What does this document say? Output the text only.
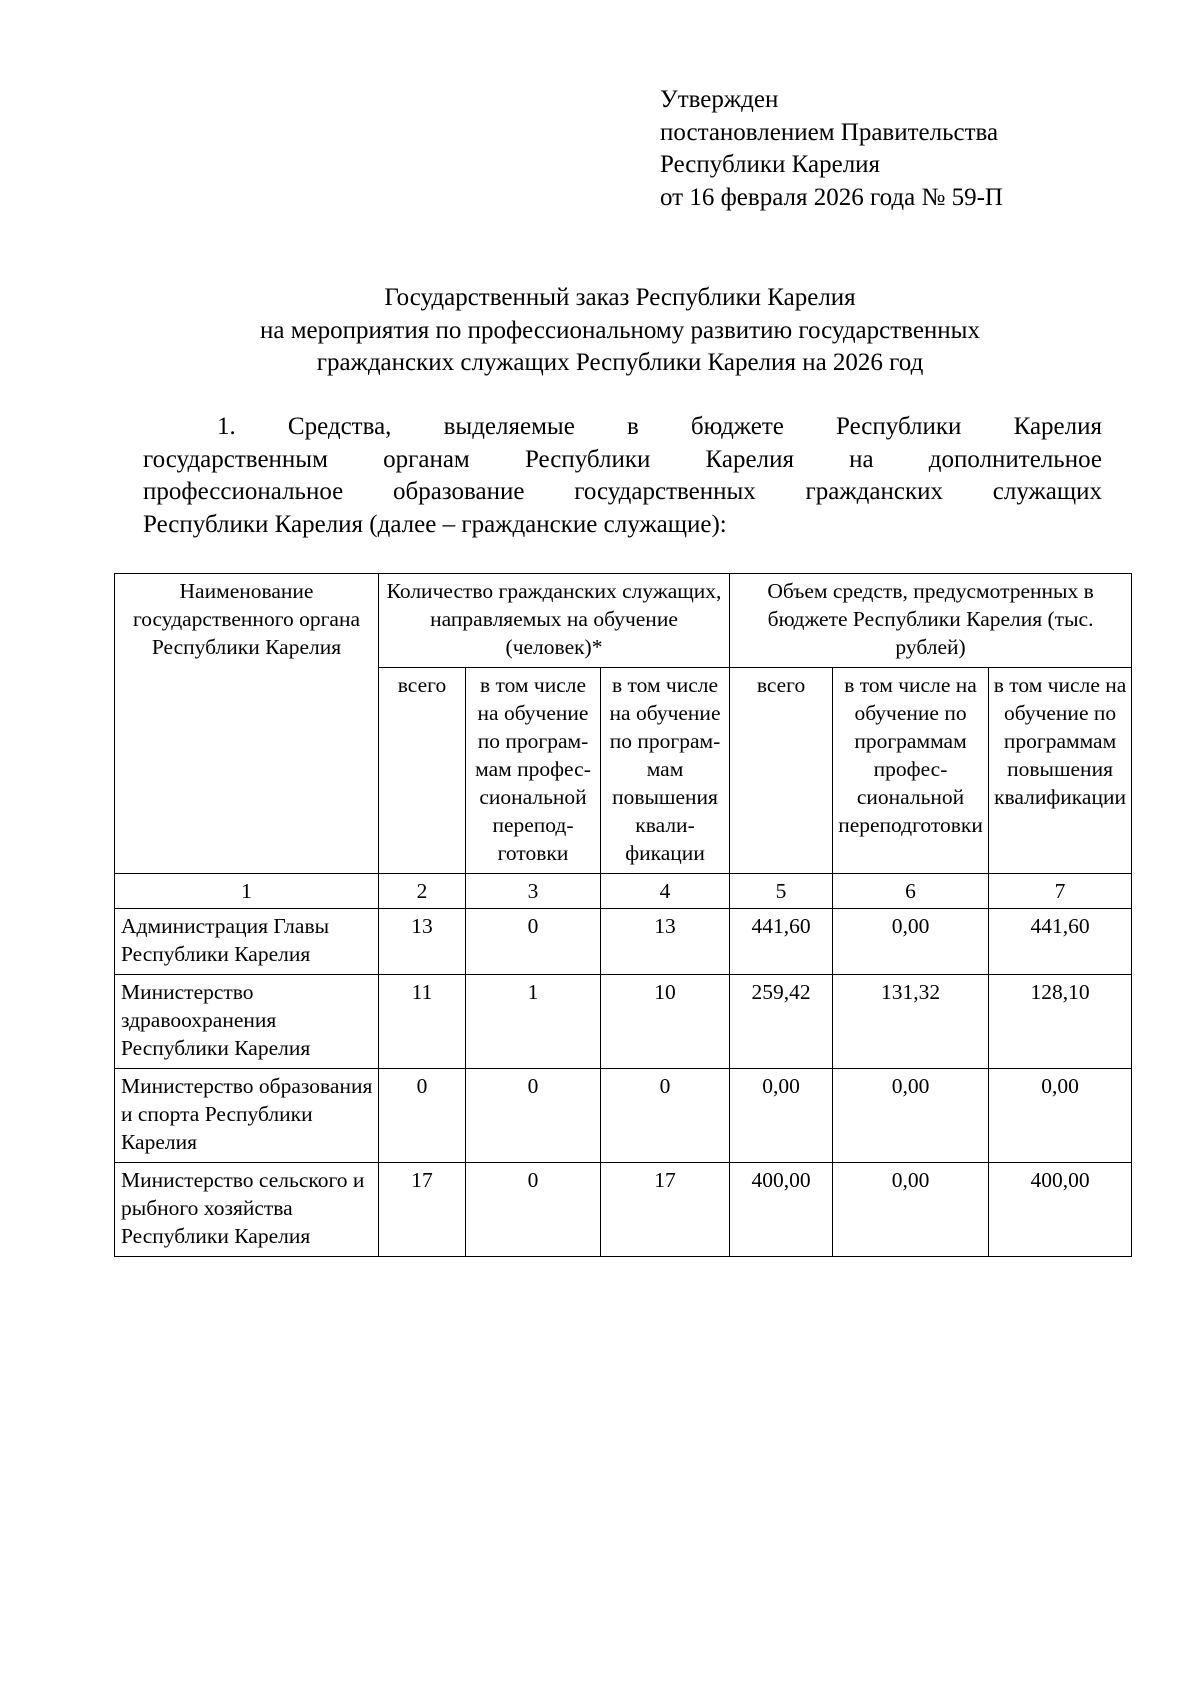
Утвержден
постановлением Правительства
Республики Карелия
от 16 февраля 2026 года № 59-П
Государственный заказ Республики Карелия
на мероприятия по профессиональному развитию государственных
гражданских служащих Республики Карелия на 2026 год
1. Средства, выделяемые в бюджете Республики Карелия
государственным органам Республики Карелия на дополнительное
профессиональное образование государственных гражданских служащих
Республики Карелия (далее – гражданские служащие):
Наименование государственного органа Республики Карелия	Количество гражданских служащих, направляемых на обучение (человек)*			Объем средств, предусмотренных в бюджете Республики Карелия (тыс. рублей)		
	всего	в том числе на обучение по программам профессиональной переподготовки	в том числе на обучение по программам повышения квалификации	всего	в том числе на обучение по программам профессиональной переподготовки	в том числе на обучение по программам повышения квалификации
1	2	3	4	5	6	7
Администрация Главы Республики Карелия	13	0	13	441,60	0,00	441,60
Министерство здравоохранения Республики Карелия	11	1	10	259,42	131,32	128,10
Министерство образования и спорта Республики Карелия	0	0	0	0,00	0,00	0,00
Министерство сельского и рыбного хозяйства Республики Карелия	17	0	17	400,00	0,00	400,00
